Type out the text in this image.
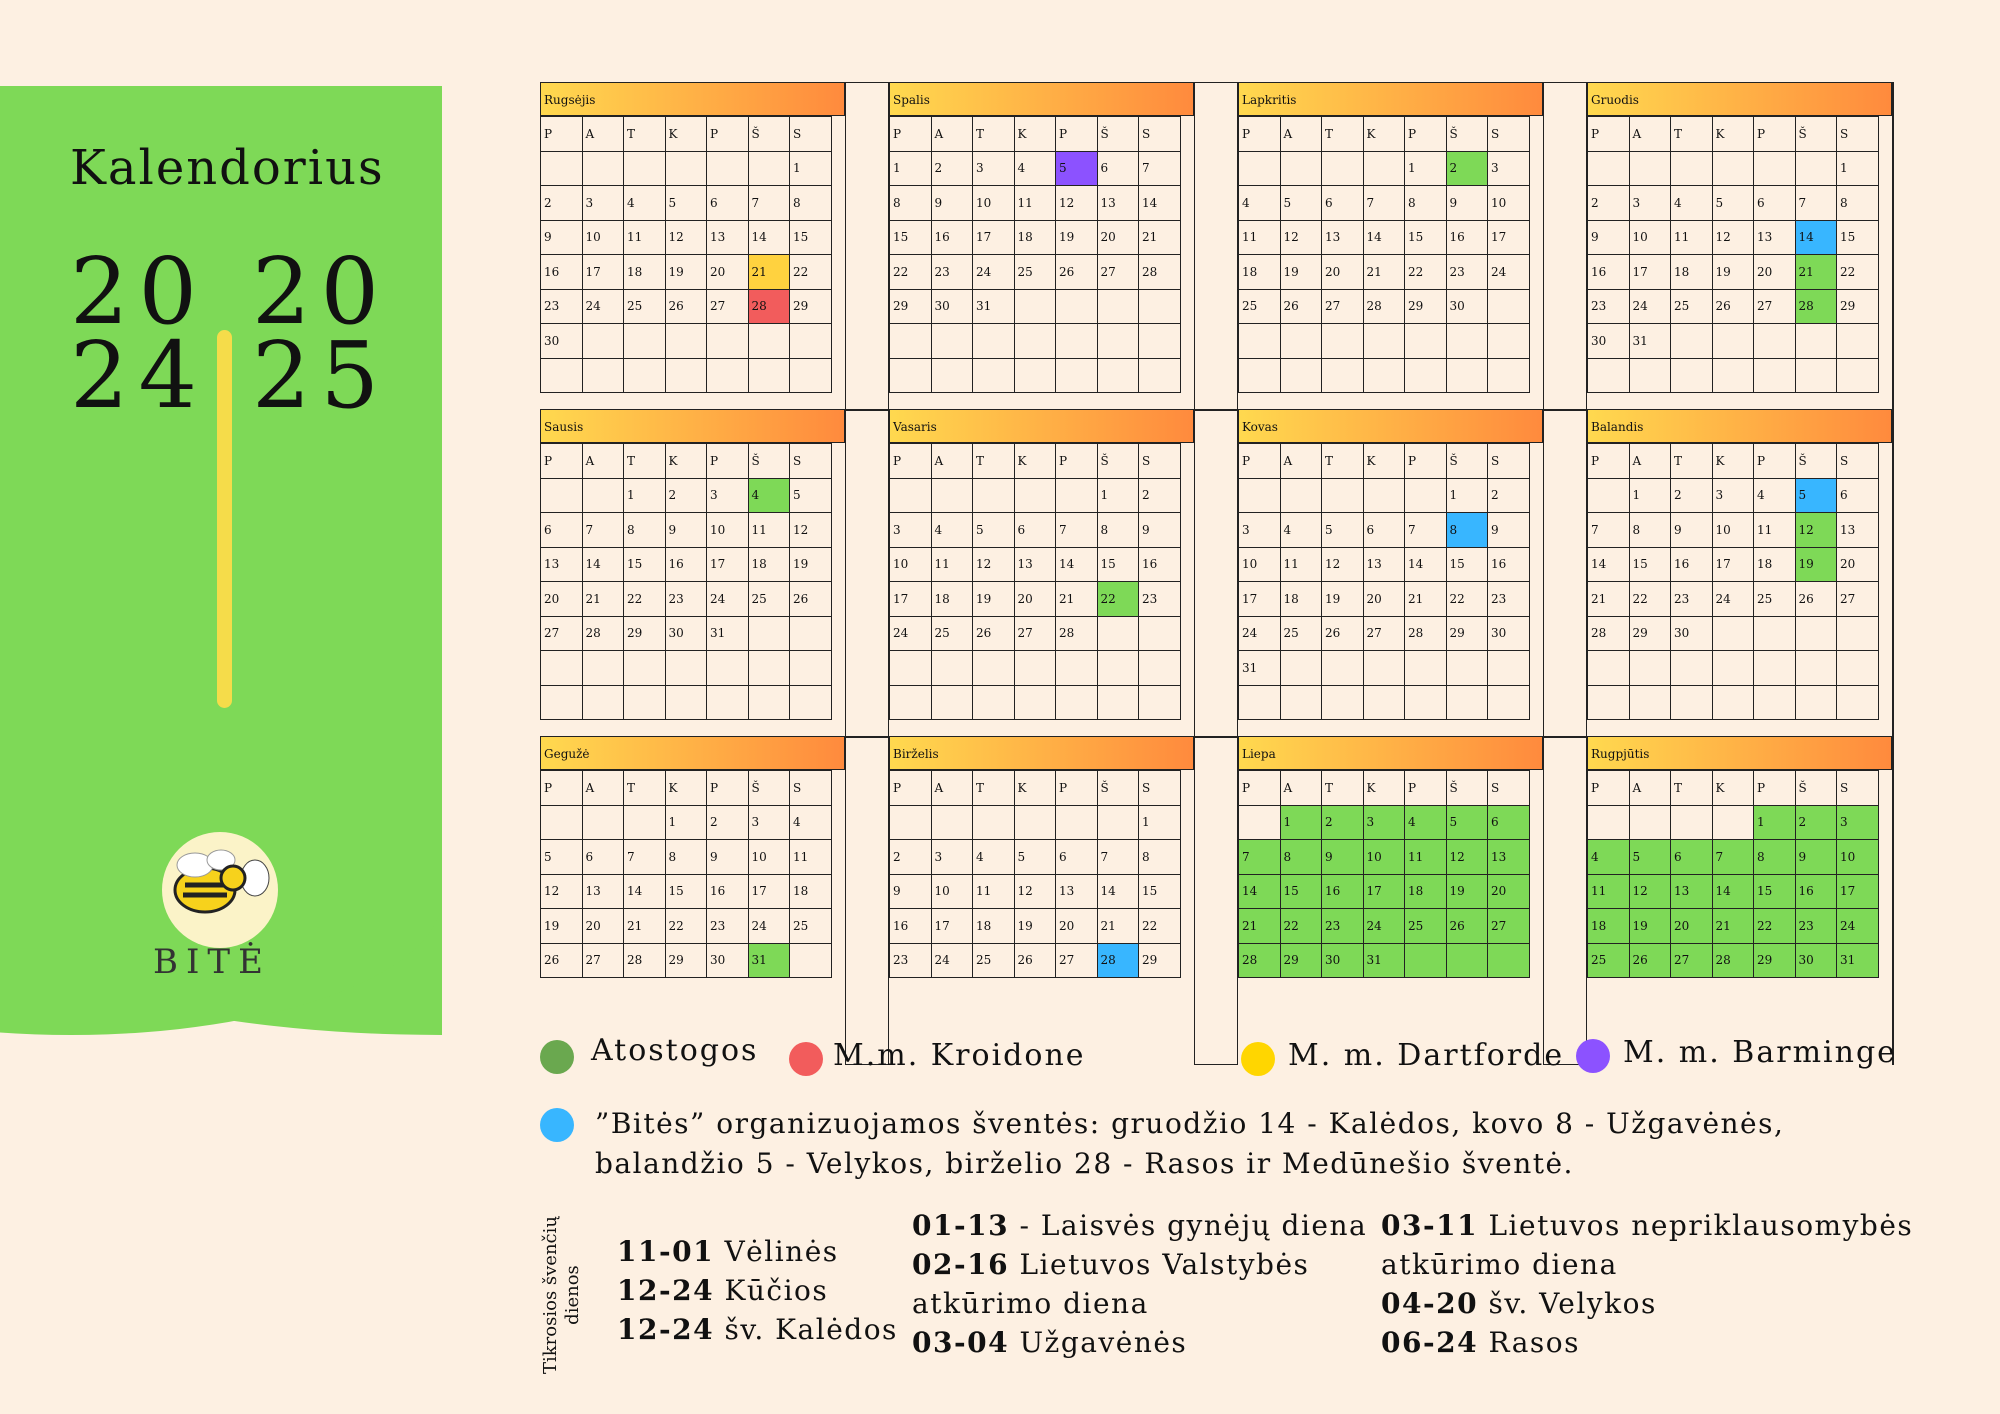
Kalendorius
20
24
20
25
BITĖ
Rugsėjis
P	A	T	K	P	Š	S
						1
2	3	4	5	6	7	8
9	10	11	12	13	14	15
16	17	18	19	20	21	22
23	24	25	26	27	28	29
30						

Spalis
P	A	T	K	P	Š	S
1	2	3	4	5	6	7
8	9	10	11	12	13	14
15	16	17	18	19	20	21
22	23	24	25	26	27	28
29	30	31				

Lapkritis
P	A	T	K	P	Š	S
				1	2	3
4	5	6	7	8	9	10
11	12	13	14	15	16	17
18	19	20	21	22	23	24
25	26	27	28	29	30	

Gruodis
P	A	T	K	P	Š	S
						1
2	3	4	5	6	7	8
9	10	11	12	13	14	15
16	17	18	19	20	21	22
23	24	25	26	27	28	29
30	31					

Sausis
P	A	T	K	P	Š	S
		1	2	3	4	5
6	7	8	9	10	11	12
13	14	15	16	17	18	19
20	21	22	23	24	25	26
27	28	29	30	31		

Vasaris
P	A	T	K	P	Š	S
					1	2
3	4	5	6	7	8	9
10	11	12	13	14	15	16
17	18	19	20	21	22	23
24	25	26	27	28		

Kovas
P	A	T	K	P	Š	S
					1	2
3	4	5	6	7	8	9
10	11	12	13	14	15	16
17	18	19	20	21	22	23
24	25	26	27	28	29	30
31						

Balandis
P	A	T	K	P	Š	S
	1	2	3	4	5	6
7	8	9	10	11	12	13
14	15	16	17	18	19	20
21	22	23	24	25	26	27
28	29	30				

Gegužė
P	A	T	K	P	Š	S
			1	2	3	4
5	6	7	8	9	10	11
12	13	14	15	16	17	18
19	20	21	22	23	24	25
26	27	28	29	30	31	
Birželis
P	A	T	K	P	Š	S
						1
2	3	4	5	6	7	8
9	10	11	12	13	14	15
16	17	18	19	20	21	22
23	24	25	26	27	28	29
Liepa
P	A	T	K	P	Š	S
	1	2	3	4	5	6
7	8	9	10	11	12	13
14	15	16	17	18	19	20
21	22	23	24	25	26	27
28	29	30	31			
Rugpjūtis
P	A	T	K	P	Š	S
				1	2	3
4	5	6	7	8	9	10
11	12	13	14	15	16	17
18	19	20	21	22	23	24
25	26	27	28	29	30	31
Atostogos M.m. Kroidone	M. m. Dartforde M. m. Barminge
”Bitės” organizuojamos šventės: gruodžio 14 - Kalėdos, kovo 8 - Užgavėnės,
balandžio 5 - Velykos, birželio 28 - Rasos ir Medūnešio šventė.
Tikrosios švenčių dienos
11-01 Vėlinės
12-24 Kūčios
12-24 šv. Kalėdos
01-13 - Laisvės gynėjų diena
02-16 Lietuvos Valstybės
atkūrimo diena
03-04 Užgavėnės
03-11 Lietuvos nepriklausomybės
atkūrimo diena
04-20 šv. Velykos
06-24 Rasos
